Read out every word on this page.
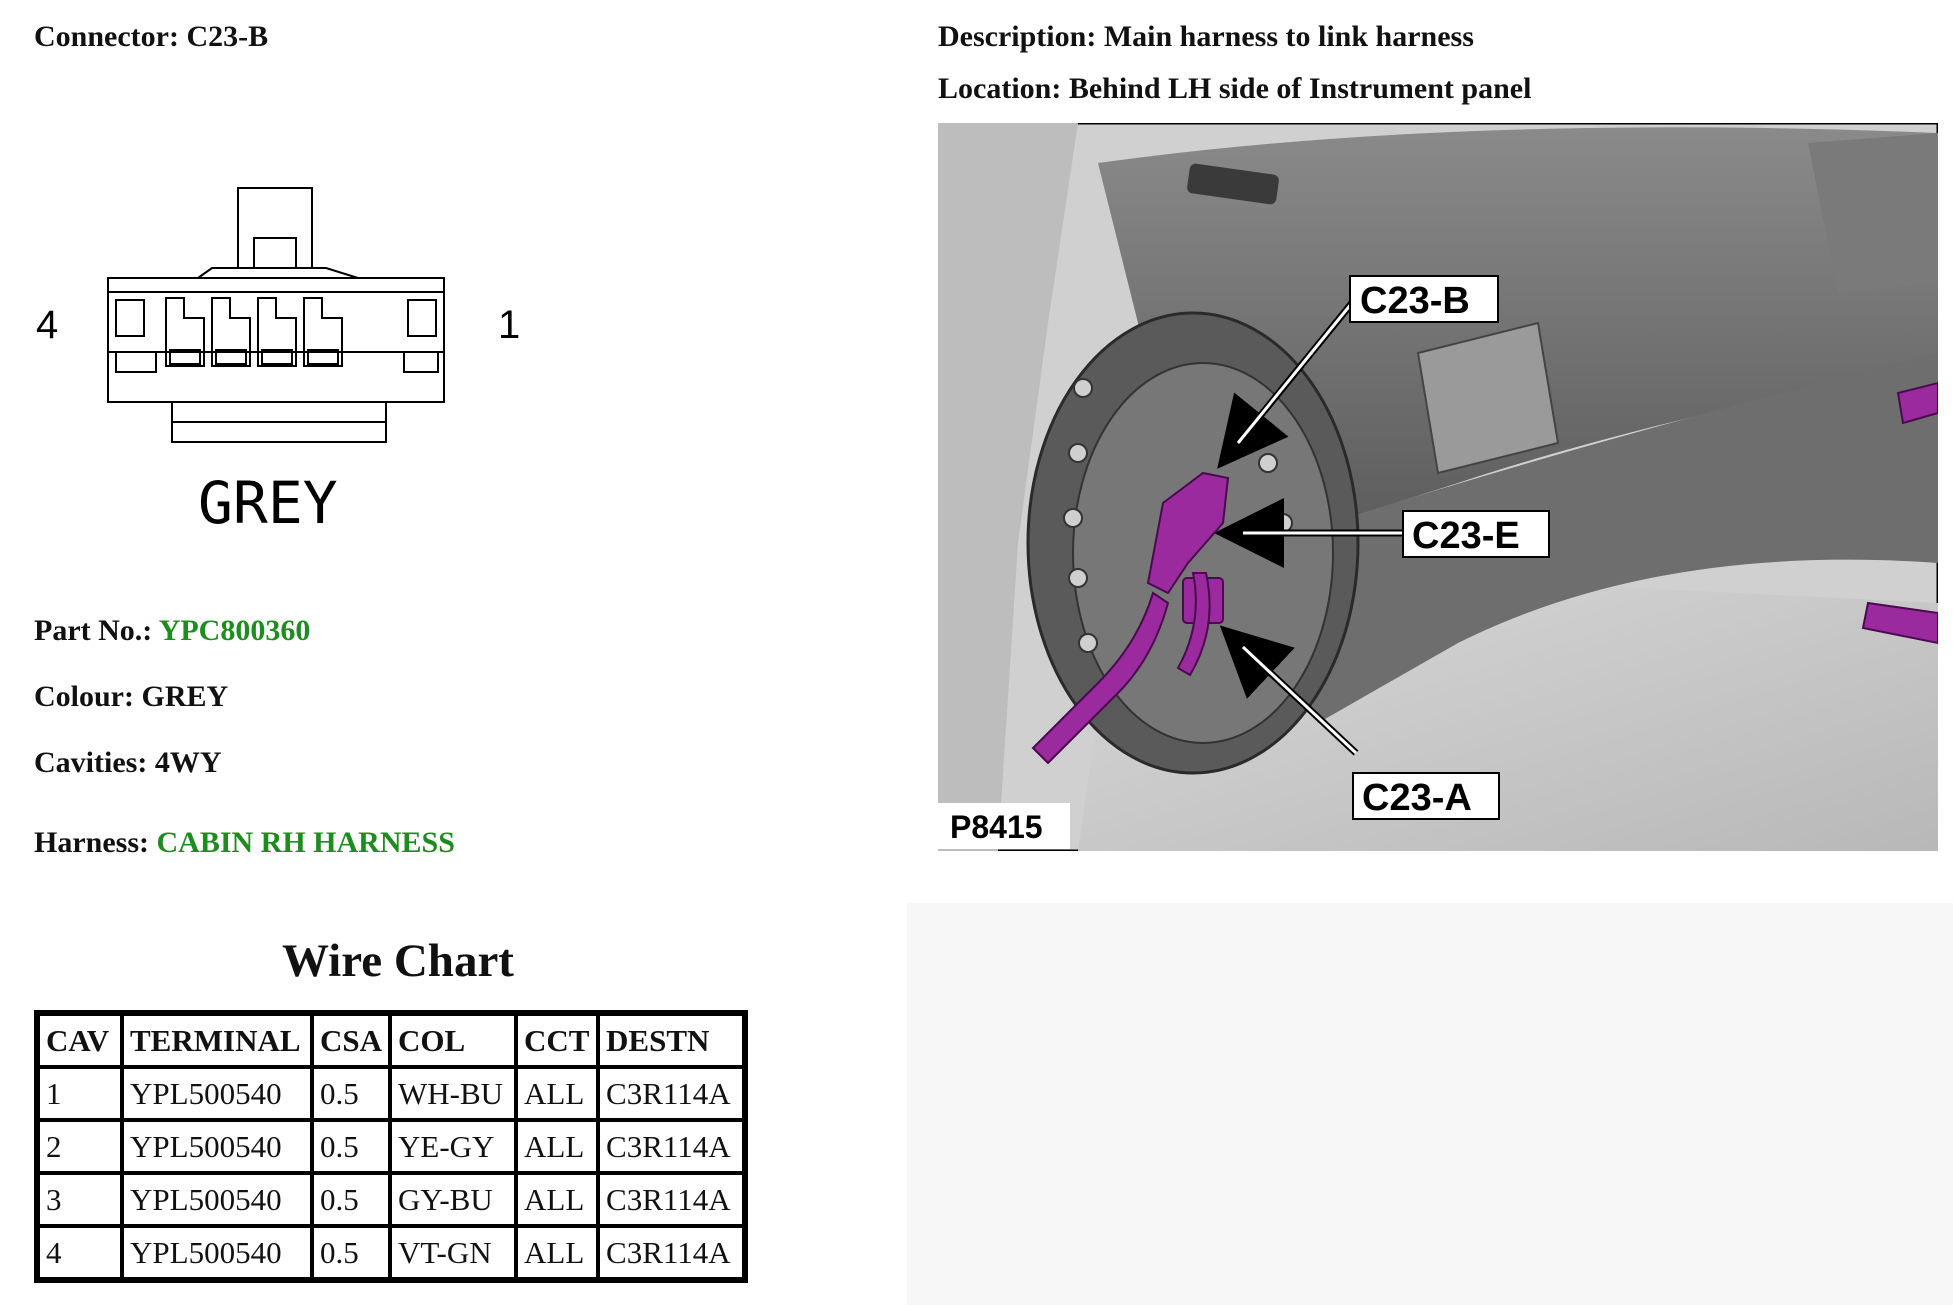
Connector: C23-B	Description: Main harness to link harness
Location: Behind LH side of Instrument panel
4	1
GREY
Part No.: YPC800360
Colour: GREY
Cavities: 4WY
Harness: CABIN RH HARNESS
Wire Chart
CAV	TERMINAL	CSA	COL	CCT	DESTN
1	YPL500540	0.5	WH-BU	ALL	C3R114A
2	YPL500540	0.5	YE-GY	ALL	C3R114A
3	YPL500540	0.5	GY-BU	ALL	C3R114A
4	YPL500540	0.5	VT-GN	ALL	C3R114A
C23-B
C23-E
C23-A
P8415
